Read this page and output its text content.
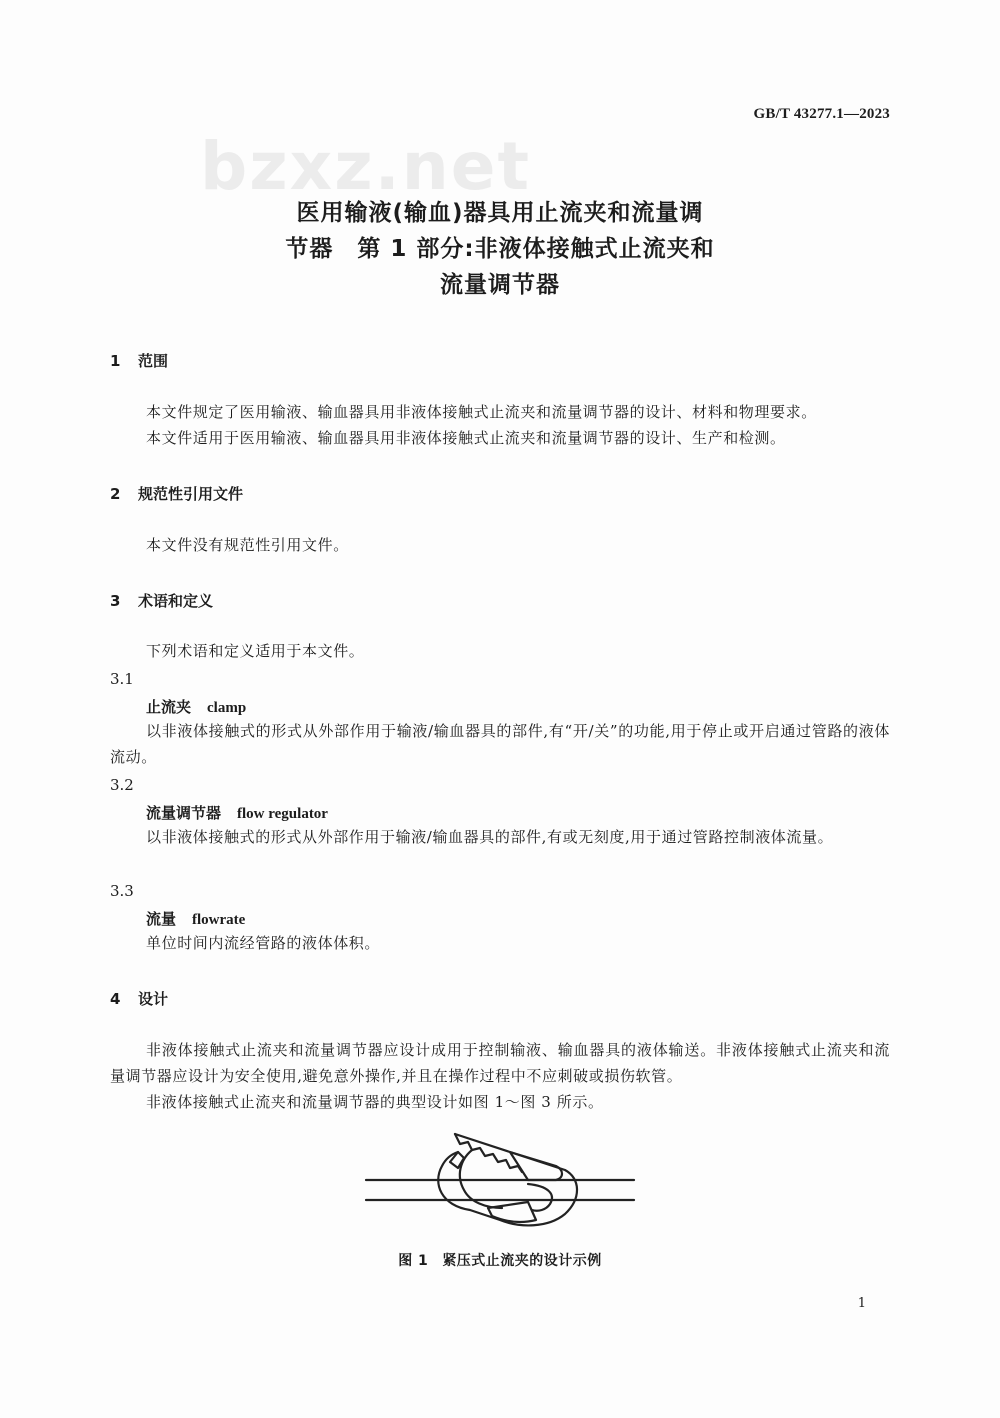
bzxz.net
GB/T 43277.1—2023
医用输液(输血)器具用止流夹和流量调
节器　第 1 部分:非液体接触式止流夹和
流量调节器
1 范围
本文件规定了医用输液、输血器具用非液体接触式止流夹和流量调节器的设计、材料和物理要求。
本文件适用于医用输液、输血器具用非液体接触式止流夹和流量调节器的设计、生产和检测。
2 规范性引用文件
本文件没有规范性引用文件。
3 术语和定义
下列术语和定义适用于本文件。
3.1
止流夹 clamp
以非液体接触式的形式从外部作用于输液/输血器具的部件,有“开/关”的功能,用于停止或开启通过管路的液体流动。
3.2
流量调节器 flow regulator
以非液体接触式的形式从外部作用于输液/输血器具的部件,有或无刻度,用于通过管路控制液体流量。
3.3
流量 flowrate
单位时间内流经管路的液体体积。
4 设计
非液体接触式止流夹和流量调节器应设计成用于控制输液、输血器具的液体输送。非液体接触式止流夹和流量调节器应设计为安全使用,避免意外操作,并且在操作过程中不应刺破或损伤软管。
非液体接触式止流夹和流量调节器的典型设计如图 1～图 3 所示。
图 1 紧压式止流夹的设计示例
1
